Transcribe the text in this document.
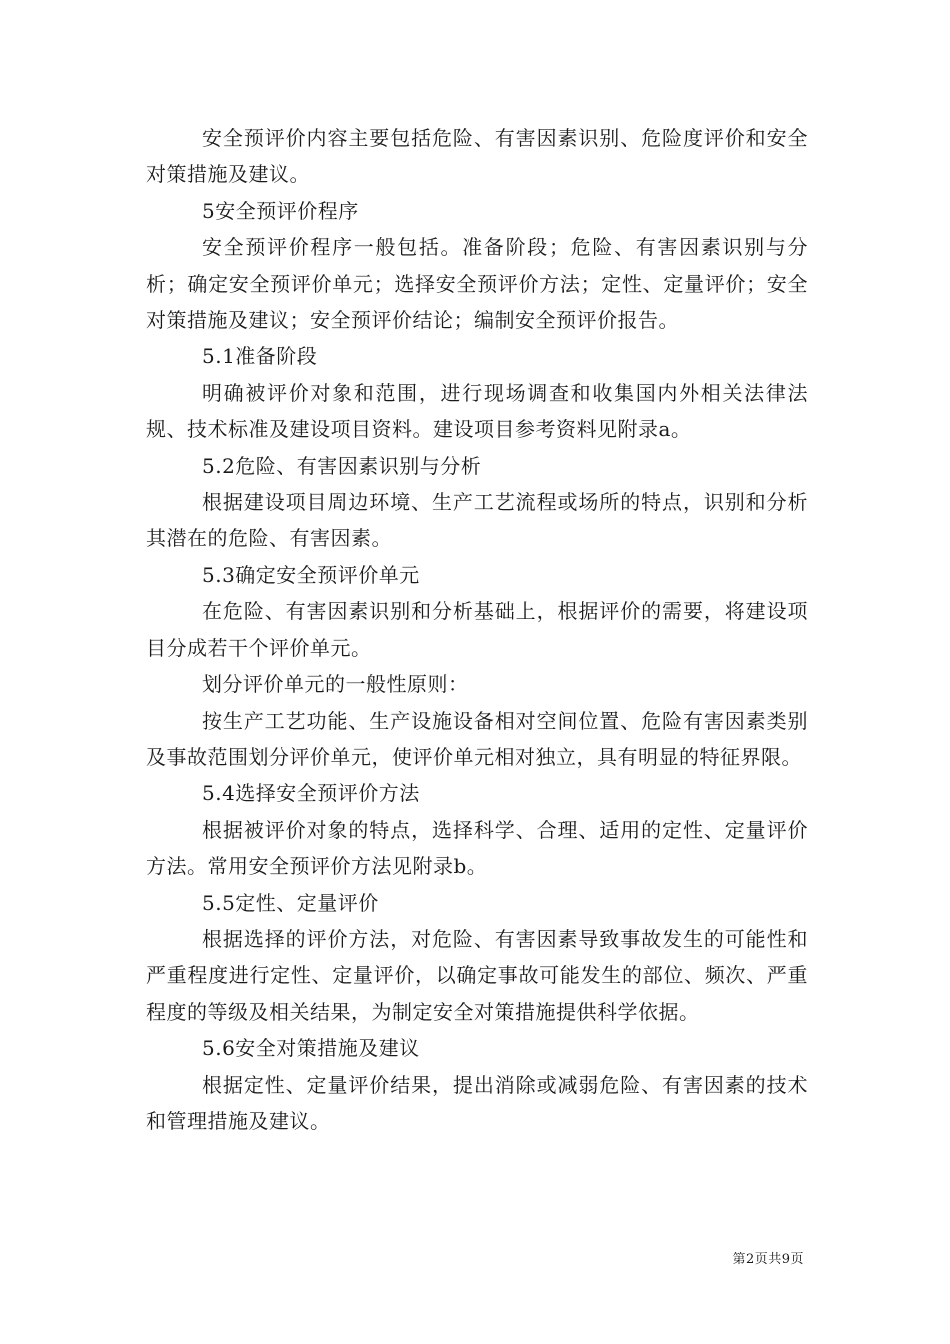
安全预评价内容主要包括危险、有害因素识别、危险度评价和安全对策措施及建议。

5安全预评价程序

安全预评价程序一般包括。准备阶段；危险、有害因素识别与分析；确定安全预评价单元；选择安全预评价方法；定性、定量评价；安全对策措施及建议；安全预评价结论；编制安全预评价报告。

5.1准备阶段

明确被评价对象和范围，进行现场调查和收集国内外相关法律法规、技术标准及建设项目资料。建设项目参考资料见附录a。

5.2危险、有害因素识别与分析

根据建设项目周边环境、生产工艺流程或场所的特点，识别和分析其潜在的危险、有害因素。

5.3确定安全预评价单元

在危险、有害因素识别和分析基础上，根据评价的需要，将建设项目分成若干个评价单元。

划分评价单元的一般性原则：

按生产工艺功能、生产设施设备相对空间位置、危险有害因素类别及事故范围划分评价单元，使评价单元相对独立，具有明显的特征界限。

5.4选择安全预评价方法

根据被评价对象的特点，选择科学、合理、适用的定性、定量评价方法。常用安全预评价方法见附录b。

5.5定性、定量评价

根据选择的评价方法，对危险、有害因素导致事故发生的可能性和严重程度进行定性、定量评价，以确定事故可能发生的部位、频次、严重程度的等级及相关结果，为制定安全对策措施提供科学依据。

5.6安全对策措施及建议

根据定性、定量评价结果，提出消除或减弱危险、有害因素的技术和管理措施及建议。

第2页共9页
